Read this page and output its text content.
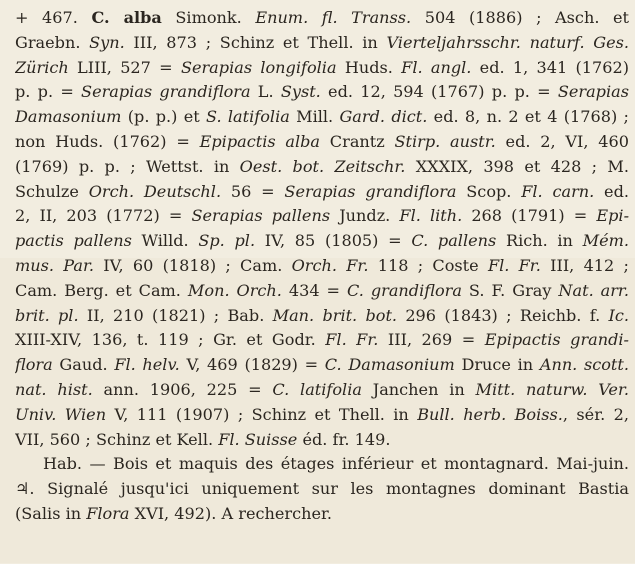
+ 467. C. alba Simonk. Enum. fl. Transs. 504 (1886) ; Asch. et
Graebn. Syn. III, 873 ; Schinz et Thell. in Vierteljahrsschr. naturf. Ges.
Zürich LIII, 527 = Serapias longifolia Huds. Fl. angl. ed. 1, 341 (1762)
p. p. = Serapias grandiflora L. Syst. ed. 12, 594 (1767) p. p. = Serapias
Damasonium (p. p.) et S. latifolia Mill. Gard. dict. ed. 8, n. 2 et 4 (1768) ;
non Huds. (1762) = Epipactis alba Crantz Stirp. austr. ed. 2, VI, 460
(1769) p. p. ; Wettst. in Oest. bot. Zeitschr. XXXIX, 398 et 428 ; M.
Schulze Orch. Deutschl. 56 = Serapias grandiflora Scop. Fl. carn. ed.
2, II, 203 (1772) = Serapias pallens Jundz. Fl. lith. 268 (1791) = Epi-
pactis pallens Willd. Sp. pl. IV, 85 (1805) = C. pallens Rich. in Mém.
mus. Par. IV, 60 (1818) ; Cam. Orch. Fr. 118 ; Coste Fl. Fr. III, 412 ;
Cam. Berg. et Cam. Mon. Orch. 434 = C. grandiflora S. F. Gray Nat. arr.
brit. pl. II, 210 (1821) ; Bab. Man. brit. bot. 296 (1843) ; Reichb. f. Ic.
XIII-XIV, 136, t. 119 ; Gr. et Godr. Fl. Fr. III, 269 = Epipactis grandi-
flora Gaud. Fl. helv. V, 469 (1829) = C. Damasonium Druce in Ann. scott.
nat. hist. ann. 1906, 225 = C. latifolia Janchen in Mitt. naturw. Ver.
Univ. Wien V, 111 (1907) ; Schinz et Thell. in Bull. herb. Boiss., sér. 2,
VII, 560 ; Schinz et Kell. Fl. Suisse éd. fr. 149.
Hab. — Bois et maquis des étages inférieur et montagnard. Mai-juin.
♃. Signalé jusqu'ici uniquement sur les montagnes dominant Bastia
(Salis in Flora XVI, 492). A rechercher.
